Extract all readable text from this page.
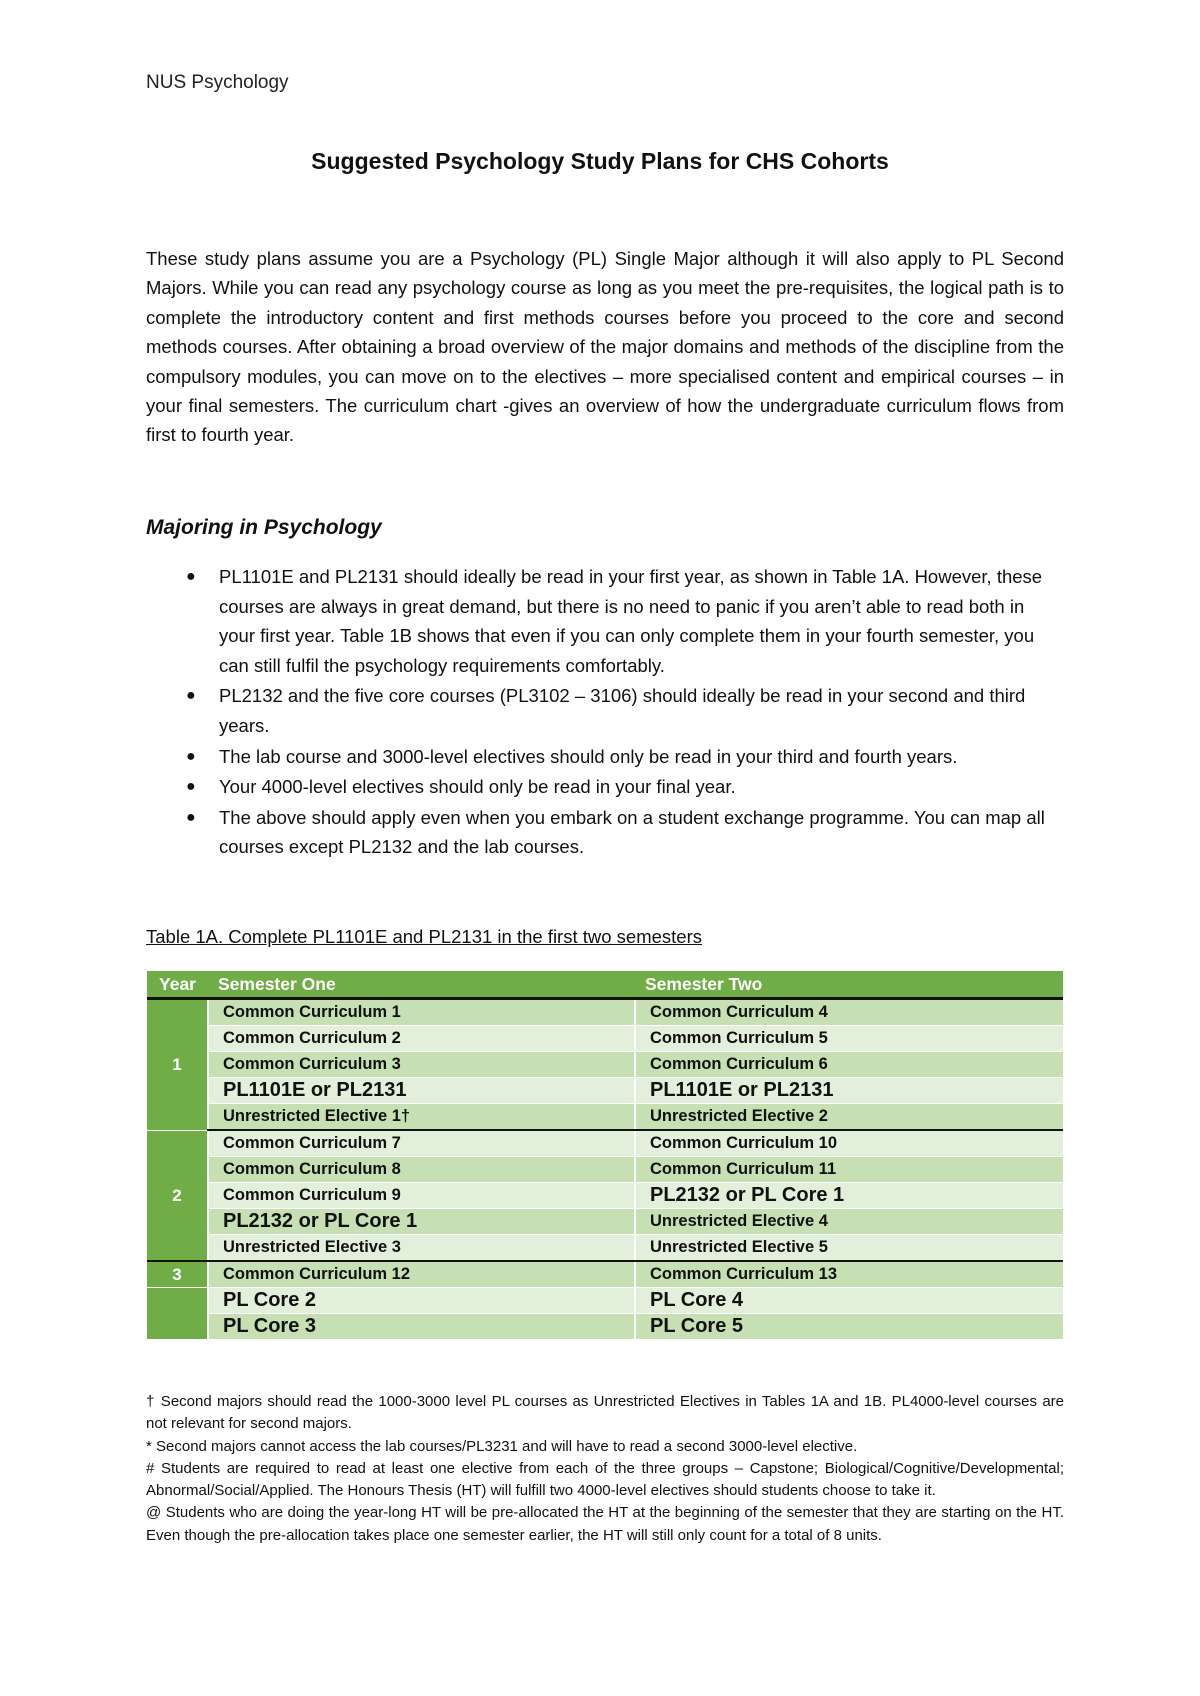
NUS Psychology
Suggested Psychology Study Plans for CHS Cohorts
These study plans assume you are a Psychology (PL) Single Major although it will also apply to PL Second Majors. While you can read any psychology course as long as you meet the pre-requisites, the logical path is to complete the introductory content and first methods courses before you proceed to the core and second methods courses. After obtaining a broad overview of the major domains and methods of the discipline from the compulsory modules, you can move on to the electives – more specialised content and empirical courses – in your final semesters. The curriculum chart -gives an overview of how the undergraduate curriculum flows from first to fourth year.
Majoring in Psychology
● PL1101E and PL2131 should ideally be read in your first year, as shown in Table 1A. However, these courses are always in great demand, but there is no need to panic if you aren’t able to read both in your first year. Table 1B shows that even if you can only complete them in your fourth semester, you can still fulfil the psychology requirements comfortably.
● PL2132 and the five core courses (PL3102 – 3106) should ideally be read in your second and third years.
● The lab course and 3000-level electives should only be read in your third and fourth years.
● Your 4000-level electives should only be read in your final year.
● The above should apply even when you embark on a student exchange programme. You can map all courses except PL2132 and the lab courses.
Table 1A. Complete PL1101E and PL2131 in the first two semesters
Year	Semester One	Semester Two
1	Common Curriculum 1	Common Curriculum 4
	Common Curriculum 2	Common Curriculum 5
	Common Curriculum 3	Common Curriculum 6
	PL1101E or PL2131	PL1101E or PL2131
	Unrestricted Elective 1†	Unrestricted Elective 2
2	Common Curriculum 7	Common Curriculum 10
	Common Curriculum 8	Common Curriculum 11
	Common Curriculum 9	PL2132 or PL Core 1
	PL2132 or PL Core 1	Unrestricted Elective 4
	Unrestricted Elective 3	Unrestricted Elective 5
3	Common Curriculum 12	Common Curriculum 13
	PL Core 2	PL Core 4
	PL Core 3	PL Core 5

† Second majors should read the 1000-3000 level PL courses as Unrestricted Electives in Tables 1A and 1B. PL4000-level courses are not relevant for second majors.

* Second majors cannot access the lab courses/PL3231 and will have to read a second 3000-level elective.

# Students are required to read at least one elective from each of the three groups – Capstone; Biological/Cognitive/Developmental; Abnormal/Social/Applied. The Honours Thesis (HT) will fulfill two 4000-level electives should students choose to take it.

@ Students who are doing the year-long HT will be pre-allocated the HT at the beginning of the semester that they are starting on the HT. Even though the pre-allocation takes place one semester earlier, the HT will still only count for a total of 8 units.
